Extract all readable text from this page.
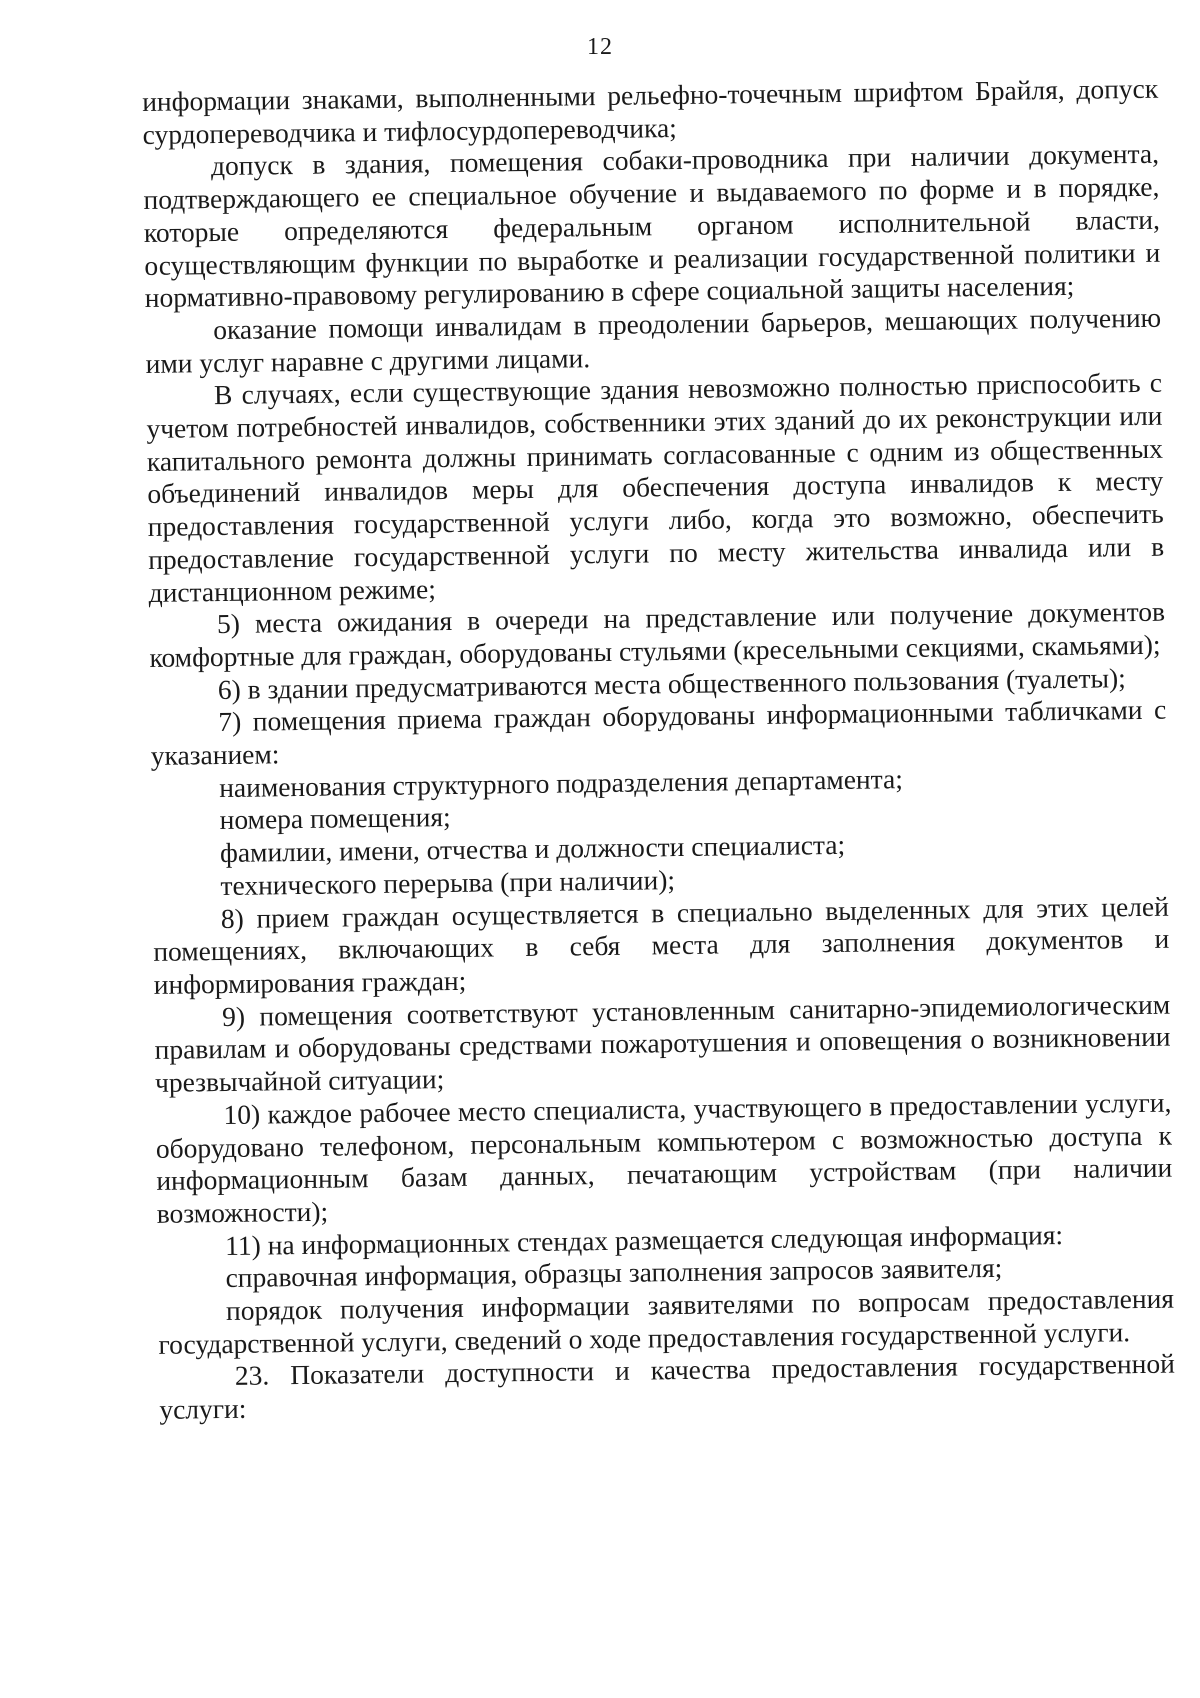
12

информации знаками, выполненными рельефно-точечным шрифтом Брайля, допуск сурдопереводчика и тифлосурдопереводчика;

допуск в здания, помещения собаки-проводника при наличии документа, подтверждающего ее специальное обучение и выдаваемого по форме и в порядке, которые определяются федеральным органом исполнительной власти, осуществляющим функции по выработке и реализации государственной политики и нормативно-правовому регулированию в сфере социальной защиты населения;

оказание помощи инвалидам в преодолении барьеров, мешающих получению ими услуг наравне с другими лицами.

В случаях, если существующие здания невозможно полностью приспособить с учетом потребностей инвалидов, собственники этих зданий до их реконструкции или капитального ремонта должны принимать согласованные с одним из общественных объединений инвалидов меры для обеспечения доступа инвалидов к месту предоставления государственной услуги либо, когда это возможно, обеспечить предоставление государственной услуги по месту жительства инвалида или в дистанционном режиме;

5) места ожидания в очереди на представление или получение документов комфортные для граждан, оборудованы стульями (кресельными секциями, скамьями);

6) в здании предусматриваются места общественного пользования (туалеты);

7) помещения приема граждан оборудованы информационными табличками с указанием:

наименования структурного подразделения департамента;

номера помещения;

фамилии, имени, отчества и должности специалиста;

технического перерыва (при наличии);

8) прием граждан осуществляется в специально выделенных для этих целей помещениях, включающих в себя места для заполнения документов и информирования граждан;

9) помещения соответствуют установленным санитарно-эпидемиологическим правилам и оборудованы средствами пожаротушения и оповещения о возникновении чрезвычайной ситуации;

10) каждое рабочее место специалиста, участвующего в предоставлении услуги, оборудовано телефоном, персональным компьютером с возможностью доступа к информационным базам данных, печатающим устройствам (при наличии возможности);

11) на информационных стендах размещается следующая информация:

справочная информация, образцы заполнения запросов заявителя;

порядок получения информации заявителями по вопросам предоставления государственной услуги, сведений о ходе предоставления государственной услуги.

23. Показатели доступности и качества предоставления государственной услуги:
